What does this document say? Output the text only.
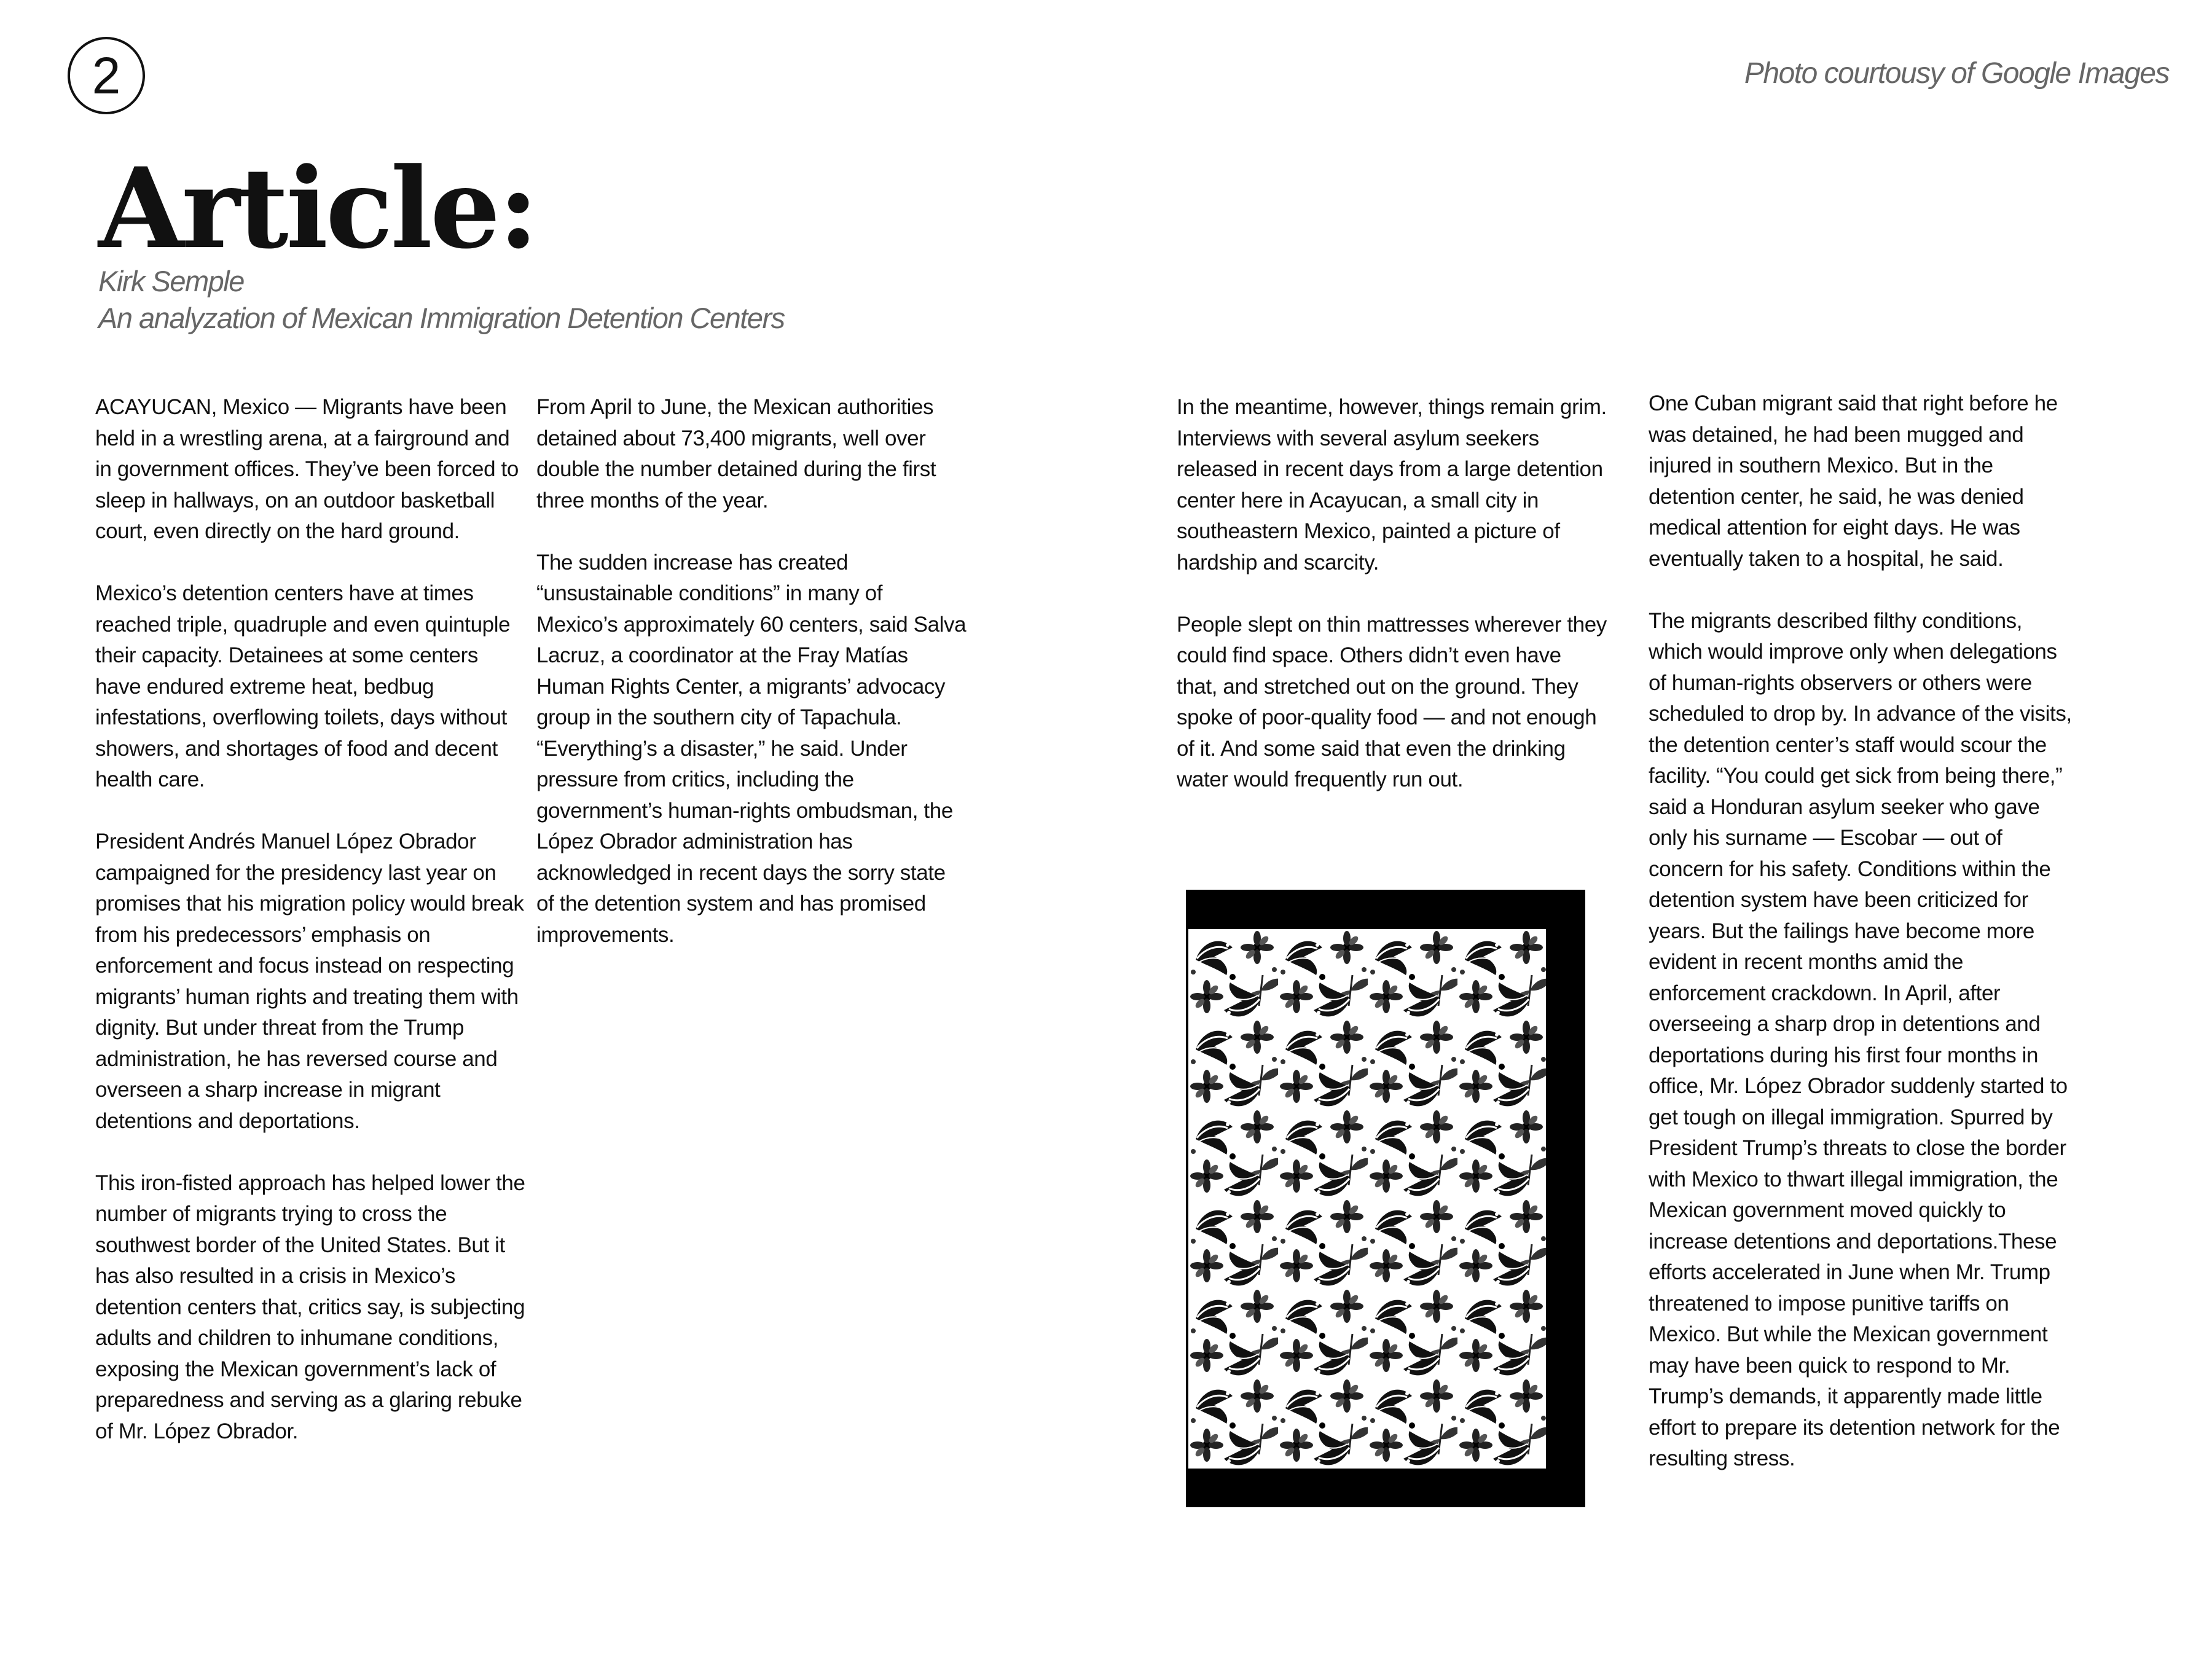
2	Photo courtousy of Google Images
Article:
Kirk Semple
An analyzation of Mexican Immigration Detention Centers

ACAYUCAN, Mexico — Migrants have been held in a wrestling arena, at a fairground and in government offices. They’ve been forced to sleep in hallways, on an outdoor basketball court, even directly on the hard ground.

Mexico’s detention centers have at times reached triple, quadruple and even quintuple their capacity. Detainees at some centers have endured extreme heat, bedbug infestations, overflowing toilets, days without showers, and shortages of food and decent health care.

President Andrés Manuel López Obrador campaigned for the presidency last year on promises that his migration policy would break from his predecessors’ emphasis on enforcement and focus instead on respecting migrants’ human rights and treating them with dignity. But under threat from the Trump administration, he has reversed course and overseen a sharp increase in migrant detentions and deportations.

This iron-fisted approach has helped lower the number of migrants trying to cross the southwest border of the United States. But it has also resulted in a crisis in Mexico’s detention centers that, critics say, is subjecting adults and children to inhumane conditions, exposing the Mexican government’s lack of preparedness and serving as a glaring rebuke of Mr. López Obrador.

From April to June, the Mexican authorities detained about 73,400 migrants, well over double the number detained during the first three months of the year.

The sudden increase has created “unsustainable conditions” in many of Mexico’s approximately 60 centers, said Salva Lacruz, a coordinator at the Fray Matías Human Rights Center, a migrants’ advocacy group in the southern city of Tapachula. “Everything’s a disaster,” he said. Under pressure from critics, including the government’s human-rights ombudsman, the López Obrador administration has acknowledged in recent days the sorry state of the detention system and has promised improvements.

In the meantime, however, things remain grim. Interviews with several asylum seekers released in recent days from a large detention center here in Acayucan, a small city in southeastern Mexico, painted a picture of hardship and scarcity.

People slept on thin mattresses wherever they could find space. Others didn’t even have that, and stretched out on the ground. They spoke of poor-quality food — and not enough of it. And some said that even the drinking water would frequently run out.

One Cuban migrant said that right before he was detained, he had been mugged and injured in southern Mexico. But in the detention center, he said, he was denied medical attention for eight days. He was eventually taken to a hospital, he said.

The migrants described filthy conditions, which would improve only when delegations of human-rights observers or others were scheduled to drop by. In advance of the visits, the detention center’s staff would scour the facility. “You could get sick from being there,” said a Honduran asylum seeker who gave only his surname — Escobar — out of concern for his safety. Conditions within the detention system have been criticized for years. But the failings have become more evident in recent months amid the enforcement crackdown. In April, after overseeing a sharp drop in detentions and deportations during his first four months in office, Mr. López Obrador suddenly started to get tough on illegal immigration. Spurred by President Trump’s threats to close the border with Mexico to thwart illegal immigration, the Mexican government moved quickly to increase detentions and deportations.These efforts accelerated in June when Mr. Trump threatened to impose punitive tariffs on Mexico. But while the Mexican government may have been quick to respond to Mr. Trump’s demands, it apparently made little effort to prepare its detention network for the resulting stress.
